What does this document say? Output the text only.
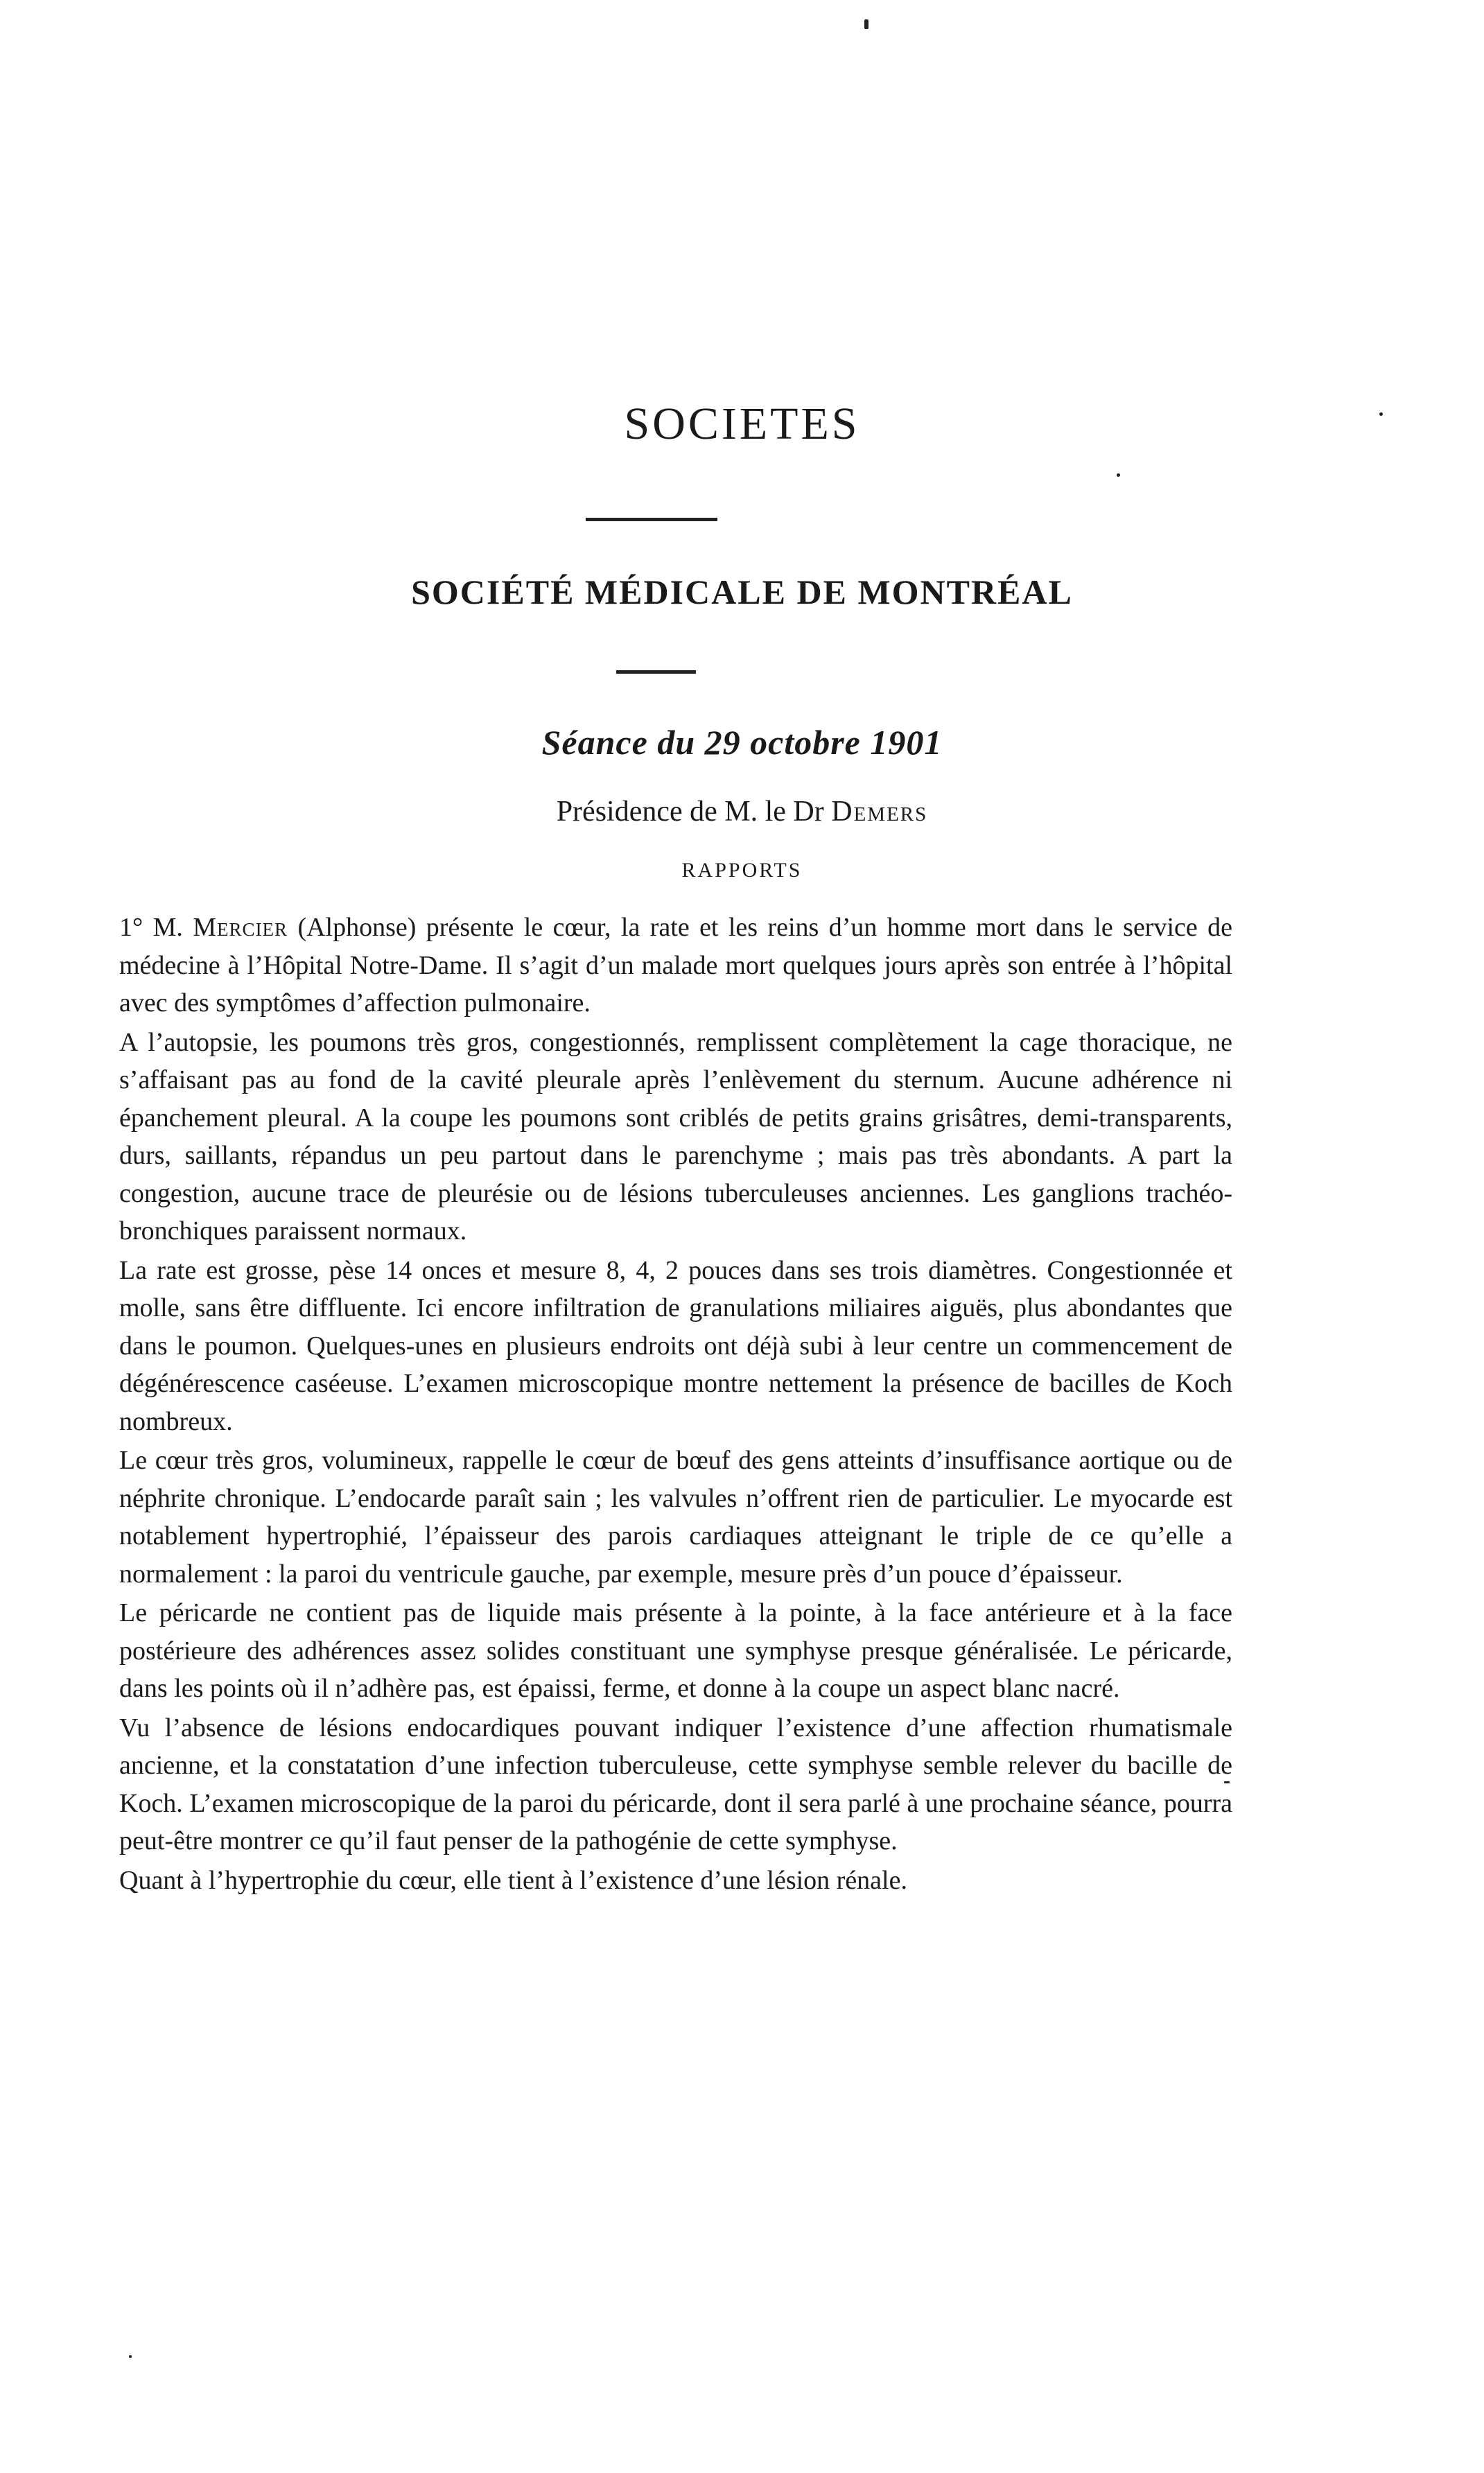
SOCIETES
SOCIÉTÉ MÉDICALE DE MONTRÉAL
Séance du 29 octobre 1901
Présidence de M. le Dr Demers
RAPPORTS

1° M. Mercier (Alphonse) présente le cœur, la rate et les reins d’un homme mort dans le service de médecine à l’Hôpital Notre-Dame. Il s’agit d’un malade mort quelques jours après son entrée à l’hôpital avec des symptômes d’affection pulmonaire.

A l’autopsie, les poumons très gros, congestionnés, remplissent complètement la cage thoracique, ne s’affaisant pas au fond de la cavité pleurale après l’enlèvement du sternum. Aucune adhérence ni épanchement pleural. A la coupe les poumons sont criblés de petits grains grisâtres, demi-transparents, durs, saillants, répandus un peu partout dans le parenchyme ; mais pas très abondants. A part la congestion, aucune trace de pleurésie ou de lésions tuberculeuses anciennes. Les ganglions trachéo-bronchiques paraissent normaux.

La rate est grosse, pèse 14 onces et mesure 8, 4, 2 pouces dans ses trois diamètres. Congestionnée et molle, sans être diffluente. Ici encore infiltration de granulations miliaires aiguës, plus abondantes que dans le poumon. Quelques-unes en plusieurs endroits ont déjà subi à leur centre un commencement de dégénérescence caséeuse. L’examen microscopique montre nettement la présence de bacilles de Koch nombreux.

Le cœur très gros, volumineux, rappelle le cœur de bœuf des gens atteints d’insuffisance aortique ou de néphrite chronique. L’endocarde paraît sain ; les valvules n’offrent rien de particulier. Le myocarde est notablement hypertrophié, l’épaisseur des parois cardiaques atteignant le triple de ce qu’elle a normalement : la paroi du ventricule gauche, par exemple, mesure près d’un pouce d’épaisseur.

Le péricarde ne contient pas de liquide mais présente à la pointe, à la face antérieure et à la face postérieure des adhérences assez solides constituant une symphyse presque généralisée. Le péricarde, dans les points où il n’adhère pas, est épaissi, ferme, et donne à la coupe un aspect blanc nacré.

Vu l’absence de lésions endocardiques pouvant indiquer l’existence d’une affection rhumatismale ancienne, et la constatation d’une infection tuberculeuse, cette symphyse semble relever du bacille de Koch. L’examen microscopique de la paroi du péricarde, dont il sera parlé à une prochaine séance, pourra peut-être montrer ce qu’il faut penser de la pathogénie de cette symphyse.

Quant à l’hypertrophie du cœur, elle tient à l’existence d’une lésion rénale.
